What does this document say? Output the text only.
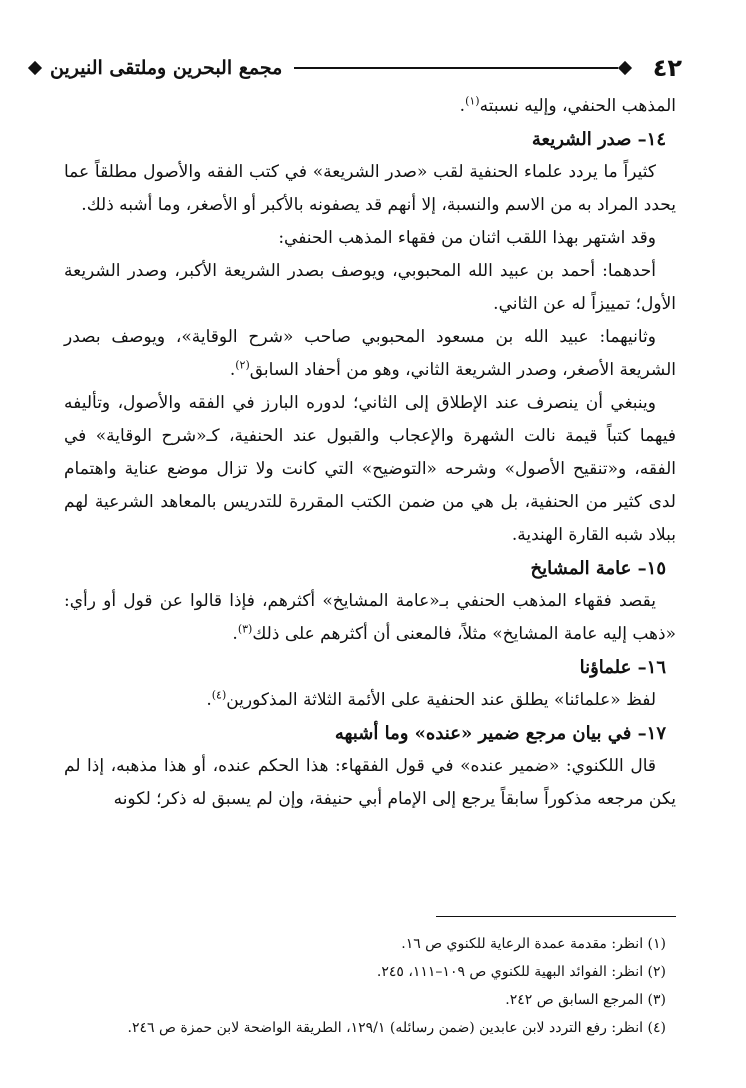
٤٢
مجمع البحرين وملتقى النيرين

المذهب الحنفي، وإليه نسبته$^{(١)}$.

١٤– صدر الشريعة

كثيراً ما يردد علماء الحنفية لقب «صدر الشريعة» في كتب الفقه والأصول مطلقاً عما يحدد المراد به من الاسم والنسبة، إلا أنهم قد يصفونه بالأكبر أو الأصغر، وما أشبه ذلك.

وقد اشتهر بهذا اللقب اثنان من فقهاء المذهب الحنفي:

أحدهما: أحمد بن عبيد الله المحبوبي، ويوصف بصدر الشريعة الأكبر، وصدر الشريعة الأول؛ تمييزاً له عن الثاني.

وثانيهما: عبيد الله بن مسعود المحبوبي صاحب «شرح الوقاية»، ويوصف بصدر الشريعة الأصغر، وصدر الشريعة الثاني، وهو من أحفاد السابق$^{(٢)}$.

وينبغي أن ينصرف عند الإطلاق إلى الثاني؛ لدوره البارز في الفقه والأصول، وتأليفه فيهما كتباً قيمة نالت الشهرة والإعجاب والقبول عند الحنفية، كـ«شرح الوقاية» في الفقه، و«تنقيح الأصول» وشرحه «التوضيح» التي كانت ولا تزال موضع عناية واهتمام لدى كثير من الحنفية، بل هي من ضمن الكتب المقررة للتدريس بالمعاهد الشرعية لهم ببلاد شبه القارة الهندية.

١٥– عامة المشايخ

يقصد فقهاء المذهب الحنفي بـ«عامة المشايخ» أكثرهم، فإذا قالوا عن قول أو رأي: «ذهب إليه عامة المشايخ» مثلاً، فالمعنى أن أكثرهم على ذلك$^{(٣)}$.

١٦– علماؤنا

لفظ «علمائنا» يطلق عند الحنفية على الأئمة الثلاثة المذكورين$^{(٤)}$.

١٧– في بيان مرجع ضمير «عنده» وما أشبهه

قال اللكنوي: «ضمير عنده» في قول الفقهاء: هذا الحكم عنده، أو هذا مذهبه، إذا لم يكن مرجعه مذكوراً سابقاً يرجع إلى الإمام أبي حنيفة، وإن لم يسبق له ذكر؛ لكونه

(١) انظر: مقدمة عمدة الرعاية للكنوي ص ١٦.

(٢) انظر: الفوائد البهية للكنوي ص ١٠٩–١١١، ٢٤٥.

(٣) المرجع السابق ص ٢٤٢.

(٤) انظر: رفع التردد لابن عابدين (ضمن رسائله) ١٢٩/١، الطريقة الواضحة لابن حمزة ص ٢٤٦.
